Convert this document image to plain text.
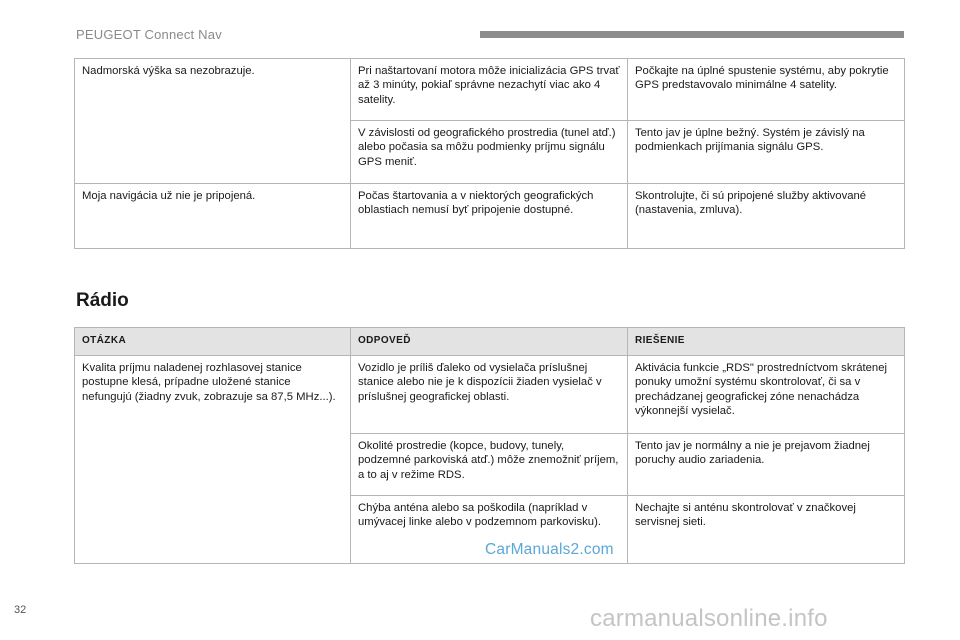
PEUGEOT Connect Nav
Nadmorská výška sa nezobrazuje.	Pri naštartovaní motora môže inicializácia GPS trvať až 3 minúty, pokiaľ správne nezachytí viac ako 4 satelity.	Počkajte na úplné spustenie systému, aby pokrytie GPS predstavovalo minimálne 4 satelity.
	V závislosti od geografického prostredia (tunel atď.) alebo počasia sa môžu podmienky príjmu signálu GPS meniť.	Tento jav je úplne bežný. Systém je závislý na podmienkach prijímania signálu GPS.
Moja navigácia už nie je pripojená.	Počas štartovania a v niektorých geografických oblastiach nemusí byť pripojenie dostupné.	Skontrolujte, či sú pripojené služby aktivované (nastavenia, zmluva).
Rádio
OTÁZKA	ODPOVEĎ	RIEŠENIE
Kvalita príjmu naladenej rozhlasovej stanice postupne klesá, prípadne uložené stanice nefungujú (žiadny zvuk, zobrazuje sa 87,5 MHz...).	Vozidlo je príliš ďaleko od vysielača príslušnej stanice alebo nie je k dispozícii žiaden vysielač v príslušnej geografickej oblasti.	Aktivácia funkcie „RDS" prostredníctvom skrátenej ponuky umožní systému skontrolovať, či sa v prechádzanej geografickej zóne nenachádza výkonnejší vysielač.
	Okolité prostredie (kopce, budovy, tunely, podzemné parkoviská atď.) môže znemožniť príjem, a to aj v režime RDS.	Tento jav je normálny a nie je prejavom žiadnej poruchy audio zariadenia.
	Chýba anténa alebo sa poškodila (napríklad v umývacej linke alebo v podzemnom parkovisku).	Nechajte si anténu skontrolovať v značkovej servisnej sieti.
CarManuals2.com
32	carmanualsonline.info
